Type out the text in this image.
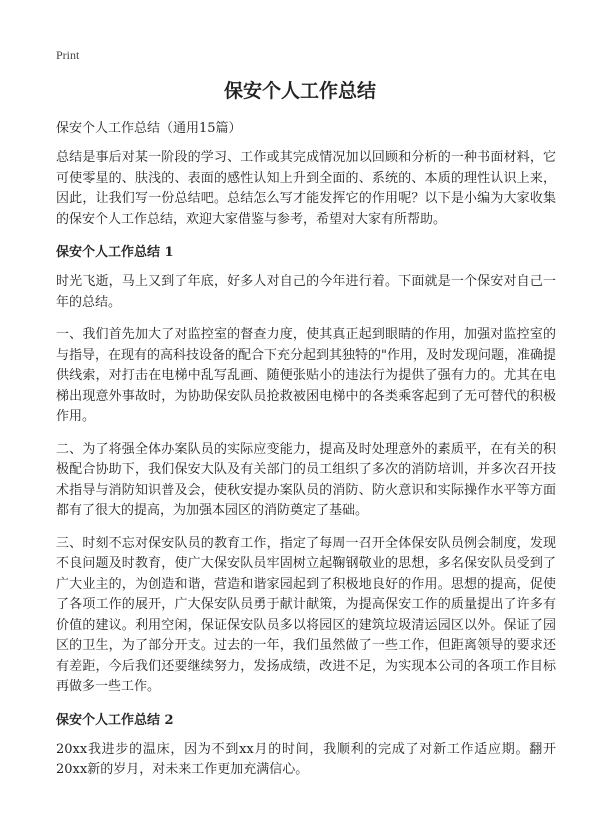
Print
保安个人工作总结

保安个人工作总结（通用15篇）

总结是事后对某一阶段的学习、工作或其完成情况加以回顾和分析的一种书面材料，它可使零星的、肤浅的、表面的感性认知上升到全面的、系统的、本质的理性认识上来，因此，让我们写一份总结吧。总结怎么写才能发挥它的作用呢？以下是小编为大家收集的保安个人工作总结，欢迎大家借鉴与参考，希望对大家有所帮助。

保安个人工作总结 1

时光飞逝，马上又到了年底，好多人对自己的今年进行着。下面就是一个保安对自己一年的总结。

一、我们首先加大了对监控室的督查力度，使其真正起到眼睛的作用，加强对监控室的与指导，在现有的高科技设备的配合下充分起到其独特的"作用，及时发现问题，准确提供线索，对打击在电梯中乱写乱画、随便张贴小的违法行为提供了强有力的。尤其在电梯出现意外事故时，为协助保安队员抢救被困电梯中的各类乘客起到了无可替代的积极作用。

二、为了将强全体办案队员的实际应变能力，提高及时处理意外的素质平，在有关的积极配合协助下，我们保安大队及有关部门的员工组织了多次的消防培训，并多次召开技术指导与消防知识普及会，使秋安提办案队员的消防、防火意识和实际操作水平等方面都有了很大的提高，为加强本园区的消防奠定了基础。

三、时刻不忘对保安队员的教育工作，指定了每周一召开全体保安队员例会制度，发现不良问题及时教育，使广大保安队员牢固树立起鞠钢敬业的思想，多名保安队员受到了广大业主的，为创造和谐，营造和谐家园起到了积极地良好的作用。思想的提高，促使了各项工作的展开，广大保安队员勇于献计献策，为提高保安工作的质量提出了许多有价值的建议。利用空闲，保证保安队员多以将园区的建筑垃圾清运园区以外。保证了园区的卫生，为了部分开支。过去的一年，我们虽然做了一些工作，但距离领导的要求还有差距，今后我们还要继续努力，发扬成绩，改进不足，为实现本公司的各项工作目标再做多一些工作。

保安个人工作总结 2

20xx我进步的温床，因为不到xx月的时间，我顺利的完成了对新工作适应期。翻开20xx新的岁月，对未来工作更加充满信心。
